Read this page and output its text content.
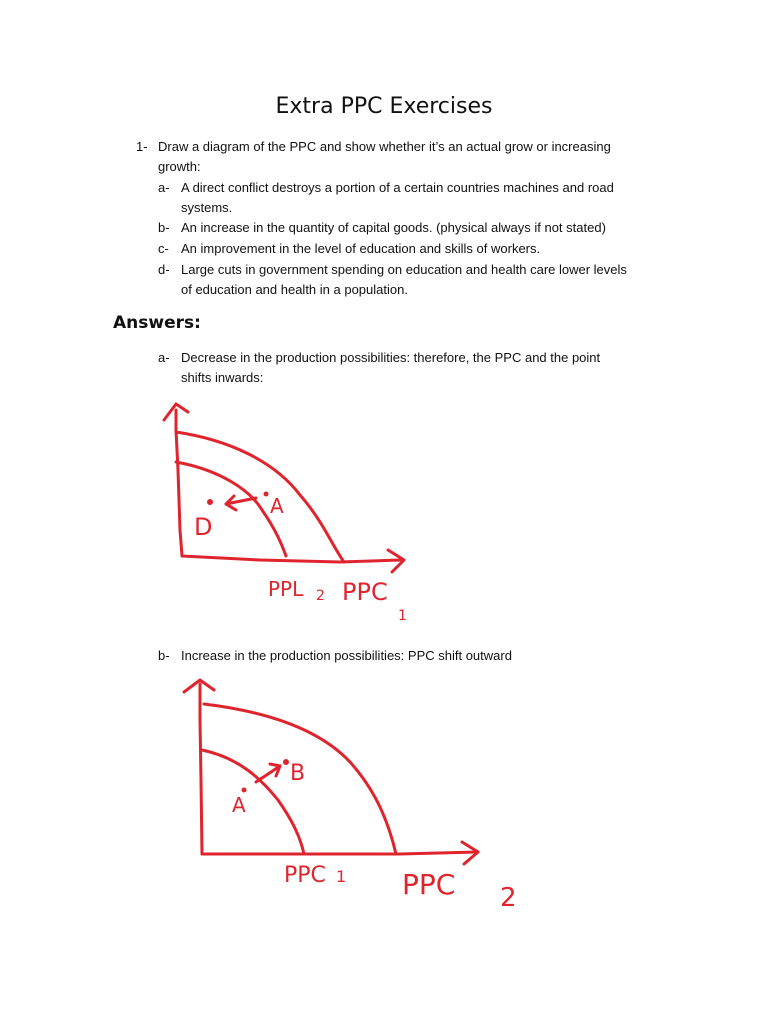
Extra PPC Exercises
1- Draw a diagram of the PPC and show whether it’s an actual grow or increasing
growth:
a- A direct conflict destroys a portion of a certain countries machines and road
systems.
b- An increase in the quantity of capital goods. (physical always if not stated)
c- An improvement in the level of education and skills of workers.
d- Large cuts in government spending on education and health care lower levels
of education and health in a population.
Answers:
a- Decrease in the production possibilities: therefore, the PPC and the point
shifts inwards:
b- Increase in the production possibilities: PPC shift outward
D
A
PPL 2 PPC
1
A
B
PPC 1 PPC 2
